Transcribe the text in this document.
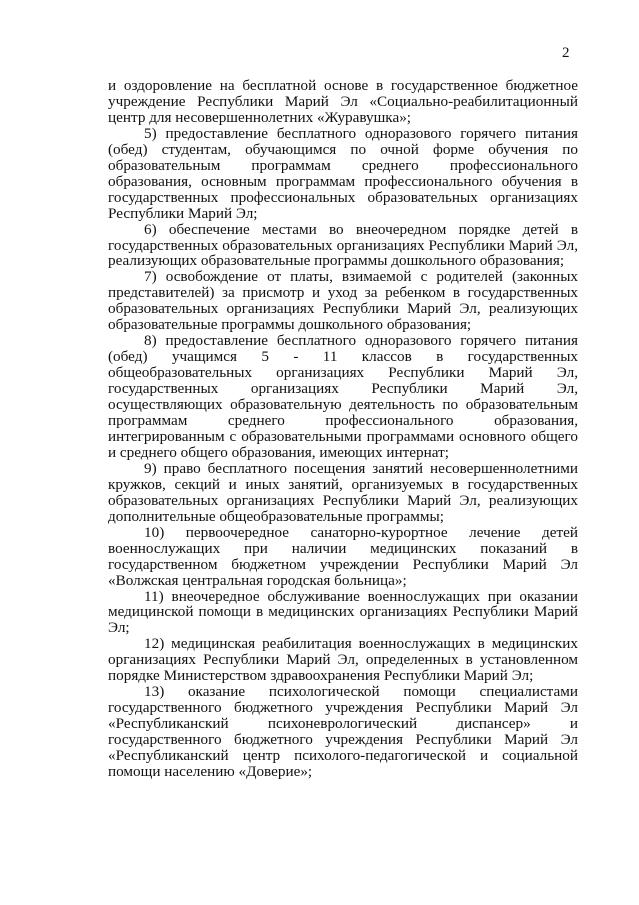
2

и оздоровление на бесплатной основе в государственное бюджетное учреждение Республики Марий Эл «Социально-реабилитационный центр для несовершеннолетних «Журавушка»;

5) предоставление бесплатного одноразового горячего питания (обед) студентам, обучающимся по очной форме обучения по образовательным программам среднего профессионального образования, основным программам профессионального обучения в государственных профессиональных образовательных организациях Республики Марий Эл;

6) обеспечение местами во внеочередном порядке детей в государственных образовательных организациях Республики Марий Эл, реализующих образовательные программы дошкольного образования;

7) освобождение от платы, взимаемой с родителей (законных представителей) за присмотр и уход за ребенком в государственных образовательных организациях Республики Марий Эл, реализующих образовательные программы дошкольного образования;

8) предоставление бесплатного одноразового горячего питания (обед) учащимся 5 - 11 классов в государственных общеобразовательных организациях Республики Марий Эл, государственных организациях Республики Марий Эл, осуществляющих образовательную деятельность по образовательным программам среднего профессионального образования, интегрированным с образовательными программами основного общего и среднего общего образования, имеющих интернат;

9) право бесплатного посещения занятий несовершеннолетними кружков, секций и иных занятий, организуемых в государственных образовательных организациях Республики Марий Эл, реализующих дополнительные общеобразовательные программы;

10) первоочередное санаторно-курортное лечение детей военнослужащих при наличии медицинских показаний в государственном бюджетном учреждении Республики Марий Эл «Волжская центральная городская больница»;

11) внеочередное обслуживание военнослужащих при оказании медицинской помощи в медицинских организациях Республики Марий Эл;

12) медицинская реабилитация военнослужащих в медицинских организациях Республики Марий Эл, определенных в установленном порядке Министерством здравоохранения Республики Марий Эл;

13) оказание психологической помощи специалистами государственного бюджетного учреждения Республики Марий Эл «Республиканский психоневрологический диспансер» и государственного бюджетного учреждения Республики Марий Эл «Республиканский центр психолого-педагогической и социальной помощи населению «Доверие»;
